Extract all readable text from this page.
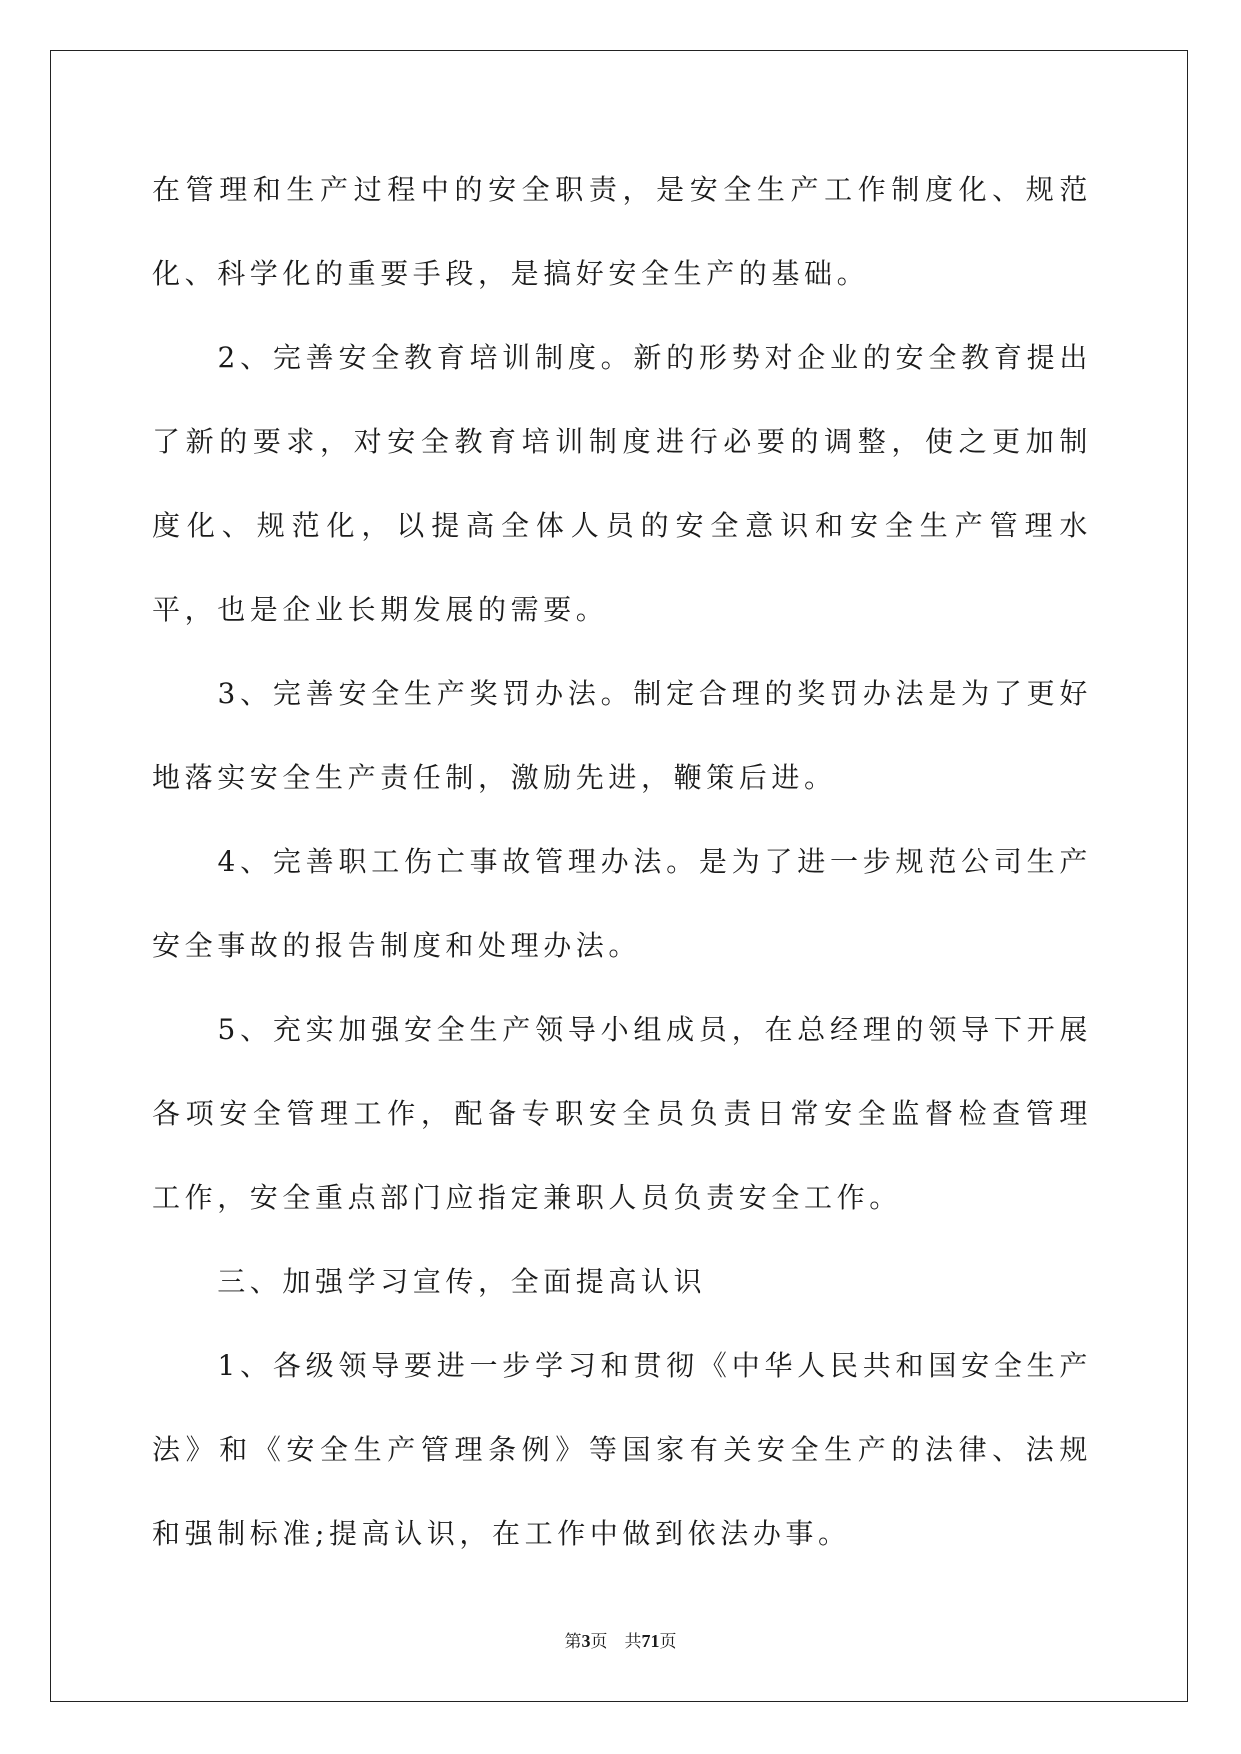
在管理和生产过程中的安全职责，是安全生产工作制度化、规范化、科学化的重要手段，是搞好安全生产的基础。

　　2、完善安全教育培训制度。新的形势对企业的安全教育提出了新的要求，对安全教育培训制度进行必要的调整，使之更加制度化、规范化，以提高全体人员的安全意识和安全生产管理水平，也是企业长期发展的需要。

　　3、完善安全生产奖罚办法。制定合理的奖罚办法是为了更好地落实安全生产责任制，激励先进，鞭策后进。

　　4、完善职工伤亡事故管理办法。是为了进一步规范公司生产安全事故的报告制度和处理办法。

　　5、充实加强安全生产领导小组成员，在总经理的领导下开展各项安全管理工作，配备专职安全员负责日常安全监督检查管理工作，安全重点部门应指定兼职人员负责安全工作。

　　三、加强学习宣传，全面提高认识

　　1、各级领导要进一步学习和贯彻《中华人民共和国安全生产法》和《安全生产管理条例》等国家有关安全生产的法律、法规和强制标准;提高认识，在工作中做到依法办事。

第3页　共71页
